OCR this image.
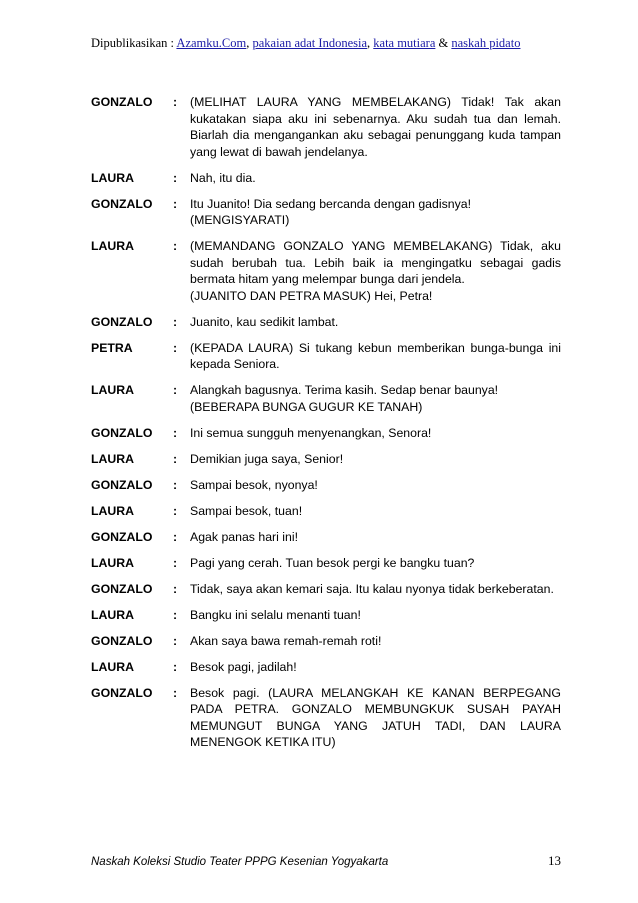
Dipublikasikan : Azamku.Com, pakaian adat Indonesia, kata mutiara & naskah pidato
GONZALO	:	(MELIHAT LAURA YANG MEMBELAKANG) Tidak! Tak akan kukatakan siapa aku ini sebenarnya. Aku sudah tua dan lemah. Biarlah dia mengangankan aku sebagai penunggang kuda tampan yang lewat di bawah jendelanya.
LAURA	:	Nah, itu dia.
GONZALO	:	Itu Juanito! Dia sedang bercanda dengan gadisnya!
(MENGISYARATI)
LAURA	:	(MEMANDANG GONZALO YANG MEMBELAKANG) Tidak, aku sudah berubah tua. Lebih baik ia mengingatku sebagai gadis bermata hitam yang melempar bunga dari jendela.
(JUANITO DAN PETRA MASUK) Hei, Petra!
GONZALO	:	Juanito, kau sedikit lambat.
PETRA	:	(KEPADA LAURA) Si tukang kebun memberikan bunga-bunga ini kepada Seniora.
LAURA	:	Alangkah bagusnya. Terima kasih. Sedap benar baunya!
(BEBERAPA BUNGA GUGUR KE TANAH)
GONZALO	:	Ini semua sungguh menyenangkan, Senora!
LAURA	:	Demikian juga saya, Senior!
GONZALO	:	Sampai besok, nyonya!
LAURA	:	Sampai besok, tuan!
GONZALO	:	Agak panas hari ini!
LAURA	:	Pagi yang cerah. Tuan besok pergi ke bangku tuan?
GONZALO	:	Tidak, saya akan kemari saja. Itu kalau nyonya tidak berkeberatan.
LAURA	:	Bangku ini selalu menanti tuan!
GONZALO	:	Akan saya bawa remah-remah roti!
LAURA	:	Besok pagi, jadilah!
GONZALO	:	Besok pagi. (LAURA MELANGKAH KE KANAN BERPEGANG PADA PETRA. GONZALO MEMBUNGKUK SUSAH PAYAH MEMUNGUT BUNGA YANG JATUH TADI, DAN LAURA MENENGOK KETIKA ITU)
Naskah Koleksi Studio Teater PPPG Kesenian Yogyakarta	13
